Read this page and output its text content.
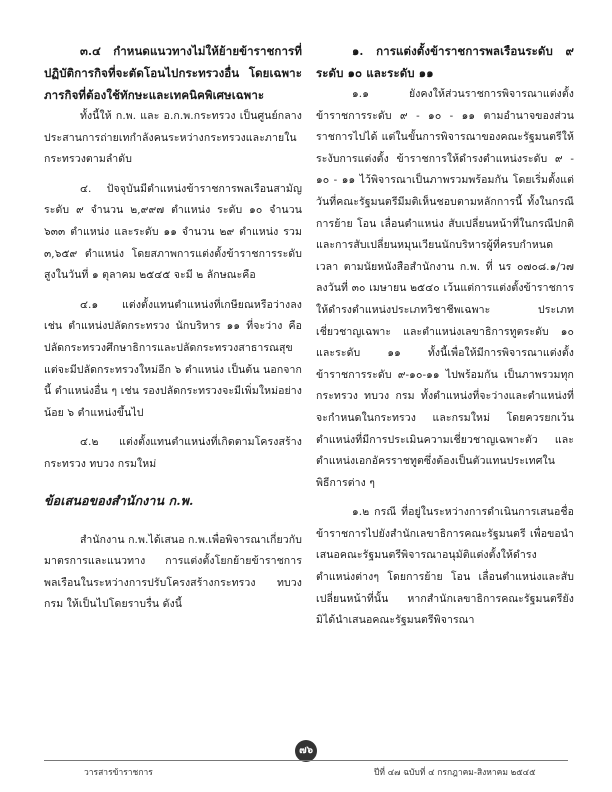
๓.๔ กำหนดแนวทางไม่ให้ย้ายข้าราชการที่ปฏิบัติการกิจที่จะตัดโอนไปกระทรวงอื่น โดยเฉพาะภารกิจที่ต้องใช้ทักษะและเทคนิคพิเศษเฉพาะ

ทั้งนี้ให้ ก.พ. และ อ.ก.พ.กระทรวง เป็นศูนย์กลางประสานการถ่ายเทกำลังคนระหว่างกระทรวงและภายในกระทรวงตามลำดับ

๔. ปัจจุบันมีตำแหน่งข้าราชการพลเรือนสามัญระดับ ๙ จำนวน ๒,๙๙๗ ตำแหน่ง ระดับ ๑๐ จำนวน ๖๓๓ ตำแหน่ง และระดับ ๑๑ จำนวน ๒๙ ตำแหน่ง รวม ๓,๖๕๙ ตำแหน่ง โดยสภาพการแต่งตั้งข้าราชการระดับสูงในวันที่ ๑ ตุลาคม ๒๕๔๕ จะมี ๒ ลักษณะคือ

๔.๑ แต่งตั้งแทนตำแหน่งที่เกษียณหรือว่างลง เช่น ตำแหน่งปลัดกระทรวง นักบริหาร ๑๑ ที่จะว่าง คือ ปลัดกระทรวงศึกษาธิการและปลัดกระทรวงสาธารณสุข แต่จะมีปลัดกระทรวงใหม่อีก ๖ ตำแหน่ง เป็นต้น นอกจากนี้ ตำแหน่งอื่น ๆ เช่น รองปลัดกระทรวงจะมีเพิ่มใหม่อย่างน้อย ๖ ตำแหน่งขึ้นไป

๔.๒ แต่งตั้งแทนตำแหน่งที่เกิดตามโครงสร้างกระทรวง ทบวง กรมใหม่

ข้อเสนอของสำนักงาน ก.พ.

สำนักงาน ก.พ.ได้เสนอ ก.พ.เพื่อพิจารณาเกี่ยวกับมาตรการและแนวทาง การแต่งตั้งโยกย้ายข้าราชการพลเรือนในระหว่างการปรับโครงสร้างกระทรวง ทบวง กรม ให้เป็นไปโดยราบรื่น ดังนี้

๑. การแต่งตั้งข้าราชการพลเรือนระดับ ๙ ระดับ ๑๐ และระดับ ๑๑

๑.๑ ยังคงให้ส่วนราชการพิจารณาแต่งตั้งข้าราชการระดับ ๙ - ๑๐ - ๑๑ ตามอำนาจของส่วนราชการไปได้ แต่ในขั้นการพิจารณาของคณะรัฐมนตรีให้ระงับการแต่งตั้ง ข้าราชการให้ดำรงตำแหน่งระดับ ๙ - ๑๐ - ๑๑ ไว้พิจารณาเป็นภาพรวมพร้อมกัน โดยเริ่มตั้งแต่วันที่คณะรัฐมนตรีมีมติเห็นชอบตามหลักการนี้ ทั้งในกรณีการย้าย โอน เลื่อนตำแหน่ง สับเปลี่ยนหน้าที่ในกรณีปกติ และการสับเปลี่ยนหมุนเวียนนักบริหารผู้ที่ครบกำหนดเวลา ตามนัยหนังสือสำนักงาน ก.พ. ที่ นร ๐๗๐๘.๑/ว๗ ลงวันที่ ๓๐ เมษายน ๒๕๔๐ เว้นแต่การแต่งตั้งข้าราชการให้ดำรงตำแหน่งประเภทวิชาชีพเฉพาะ ประเภทเชี่ยวชาญเฉพาะ และตำแหน่งเลขาธิการทูตระดับ ๑๐ และระดับ ๑๑ ทั้งนี้เพื่อให้มีการพิจารณาแต่งตั้งข้าราชการระดับ ๙-๑๐-๑๑ ไปพร้อมกัน เป็นภาพรวมทุกกระทรวง ทบวง กรม ทั้งตำแหน่งที่จะว่างและตำแหน่งที่จะกำหนดในกระทรวง และกรมใหม่ โดยควรยกเว้นตำแหน่งที่มีการประเมินความเชี่ยวชาญเฉพาะตัว และตำแหน่งเอกอัครราชทูตซึ่งต้องเป็นตัวแทนประเทศในพิธีการต่าง ๆ

๑.๒ กรณี ที่อยู่ในระหว่างการดำเนินการเสนอชื่อข้าราชการไปยังสำนักเลขาธิการคณะรัฐมนตรี เพื่อขอนำเสนอคณะรัฐมนตรีพิจารณาอนุมัติแต่งตั้งให้ดำรงตำแหน่งต่างๆ โดยการย้าย โอน เลื่อนตำแหน่งและสับเปลี่ยนหน้าที่นั้น หากสำนักเลขาธิการคณะรัฐมนตรียังมิได้นำเสนอคณะรัฐมนตรีพิจารณา

๗๖
วารสารข้าราชการ	ปีที่ ๔๗ ฉบับที่ ๔ กรกฎาคม-สิงหาคม ๒๕๔๕
